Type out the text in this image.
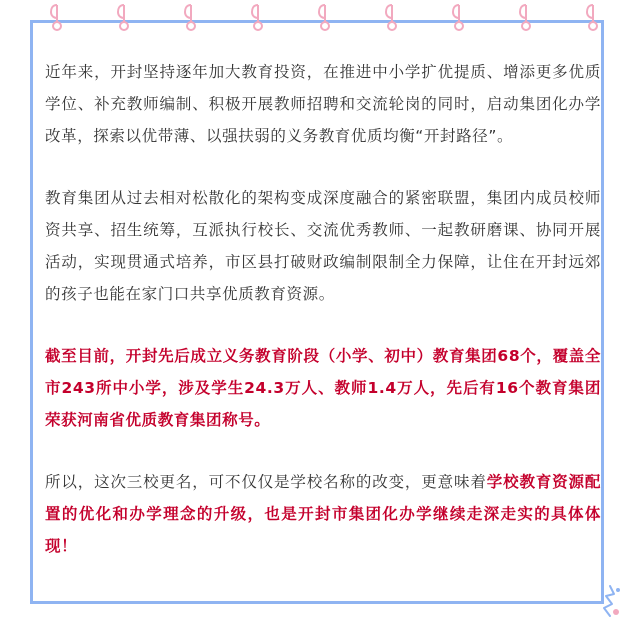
近年来，开封坚持逐年加大教育投资，在推进中小学扩优提质、增添更多优质学位、补充教师编制、积极开展教师招聘和交流轮岗的同时，启动集团化办学改革，探索以优带薄、以强扶弱的义务教育优质均衡“开封路径”。

教育集团从过去相对松散化的架构变成深度融合的紧密联盟，集团内成员校师资共享、招生统筹，互派执行校长、交流优秀教师、一起教研磨课、协同开展活动，实现贯通式培养，市区县打破财政编制限制全力保障，让住在开封远郊的孩子也能在家门口共享优质教育资源。

截至目前，开封先后成立义务教育阶段（小学、初中）教育集团68个，覆盖全市243所中小学，涉及学生24.3万人、教师1.4万人，先后有16个教育集团荣获河南省优质教育集团称号。

所以，这次三校更名，可不仅仅是学校名称的改变，更意味着学校教育资源配置的优化和办学理念的升级，也是开封市集团化办学继续走深走实的具体体现！
